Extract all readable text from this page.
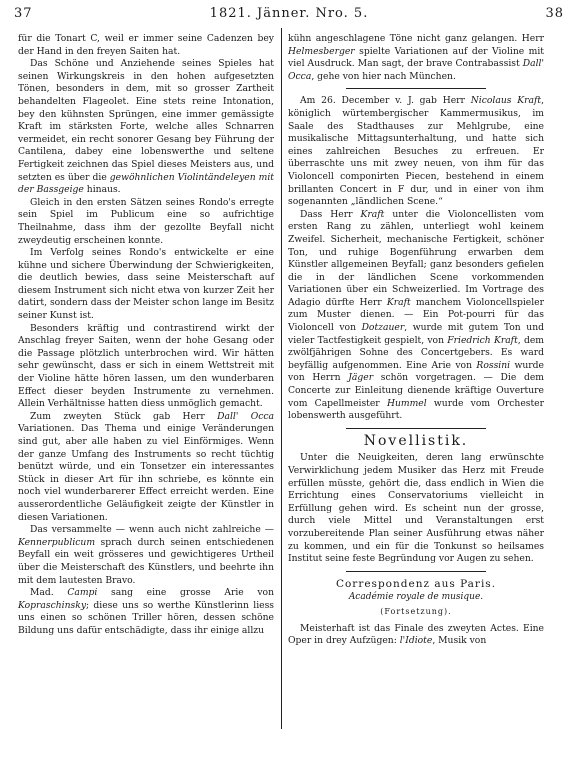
37	1821. Jänner. Nro. 5.	38

für die Tonart C, weil er immer seine Cadenzen bey der Hand in den freyen Saiten hat.

Das Schöne und Anziehende seines Spieles hat seinen Wirkungskreis in den hohen aufgesetzten Tönen, besonders in dem, mit so grosser Zartheit behandelten Flageolet. Eine stets reine Intonation, bey den kühnsten Sprüngen, eine immer gemässigte Kraft im stärksten Forte, welche alles Schnarren vermeidet, ein recht sonorer Gesang bey Führung der Cantilena, dabey eine lobenswerthe und seltene Fertigkeit zeichnen das Spiel dieses Meisters aus, und setzten es über die gewöhnlichen Violintändeleyen mit der Bassgeige hinaus.

Gleich in den ersten Sätzen seines Rondo's erregte sein Spiel im Publicum eine so aufrichtige Theilnahme, dass ihm der gezollte Beyfall nicht zweydeutig erscheinen konnte.

Im Verfolg seines Rondo's entwickelte er eine kühne und sichere Überwindung der Schwierigkeiten, die deutlich bewies, dass seine Meisterschaft auf diesem Instrument sich nicht etwa von kurzer Zeit her datirt, sondern dass der Meister schon lange im Besitz seiner Kunst ist.

Besonders kräftig und contrastirend wirkt der Anschlag freyer Saiten, wenn der hohe Gesang oder die Passage plötzlich unterbrochen wird. Wir hätten sehr gewünscht, dass er sich in einem Wettstreit mit der Violine hätte hören lassen, um den wunderbaren Effect dieser beyden Instrumente zu vernehmen. Allein Verhältnisse hatten diess unmöglich gemacht.

Zum zweyten Stück gab Herr Dall' Occa Variationen. Das Thema und einige Veränderungen sind gut, aber alle haben zu viel Einförmiges. Wenn der ganze Umfang des Instruments so recht tüchtig benützt würde, und ein Tonsetzer ein interessantes Stück in dieser Art für ihn schriebe, es könnte ein noch viel wunderbarerer Effect erreicht werden. Eine ausserordentliche Geläufigkeit zeigte der Künstler in diesen Variationen.

Das versammelte — wenn auch nicht zahlreiche —Kennerpublicum sprach durch seinen entschiedenen Beyfall ein weit grösseres und gewichtigeres Urtheil über die Meisterschaft des Künstlers, und beehrte ihn mit dem lautesten Bravo.

Mad. Campi sang eine grosse Arie von Kopraschinsky; diese uns so werthe Künstlerinn liess uns einen so schönen Triller hören, dessen schöne Bildung uns dafür entschädigte, dass ihr einige allzu

kühn angeschlagene Töne nicht ganz gelangen. Herr Helmesberger spielte Variationen auf der Violine mit viel Ausdruck. Man sagt, der brave Contrabassist Dall' Occa, gehe von hier nach München.

Am 26. December v. J. gab Herr Nicolaus Kraft, königlich würtembergischer Kammermusikus, im Saale des Stadthauses zur Mehlgrube, eine musikalische Mittagsunterhaltung, und hatte sich eines zahlreichen Besuches zu erfreuen. Er überraschte uns mit zwey neuen, von ihm für das Violoncell componirten Piecen, bestehend in einem brillanten Concert in F dur, und in einer von ihm sogenannten „ländlichen Scene.“

Dass Herr Kraft unter die Violoncellisten vom ersten Rang zu zählen, unterliegt wohl keinem Zweifel. Sicherheit, mechanische Fertigkeit, schöner Ton, und ruhige Bogenführung erwarben dem Künstler allgemeinen Beyfall; ganz besonders gefielen die in der ländlichen Scene vorkommenden Variationen über ein Schweizerlied. Im Vortrage des Adagio dürfte Herr Kraft manchem Violoncellspieler zum Muster dienen. — Ein Pot-pourri für das Violoncell von Dotzauer, wurde mit gutem Ton und vieler Tactfestigkeit gespielt, von Friedrich Kraft, dem zwölfjährigen Sohne des Concertgebers. Es ward beyfällig aufgenommen. Eine Arie von Rossini wurde von Herrn Jäger schön vorgetragen. — Die dem Concerte zur Einleitung dienende kräftige Ouverture vom Capellmeister Hummel wurde vom Orchester lobenswerth ausgeführt.

Novellistik.

Unter die Neuigkeiten, deren lang erwünschte Verwirklichung jedem Musiker das Herz mit Freude erfüllen müsste, gehört die, dass endlich in Wien die Errichtung eines Conservatoriums vielleicht in Erfüllung gehen wird. Es scheint nun der grosse, durch viele Mittel und Veranstaltungen erst vorzubereitende Plan seiner Ausführung etwas näher zu kommen, und ein für die Tonkunst so heilsames Institut seine feste Begründung vor Augen zu sehen.

Correspondenz aus Paris.
Académie royale de musique.
(Fortsetzung).

Meisterhaft ist das Finale des zweyten Actes. Eine Oper in drey Aufzügen: l'Idiote, Musik von
